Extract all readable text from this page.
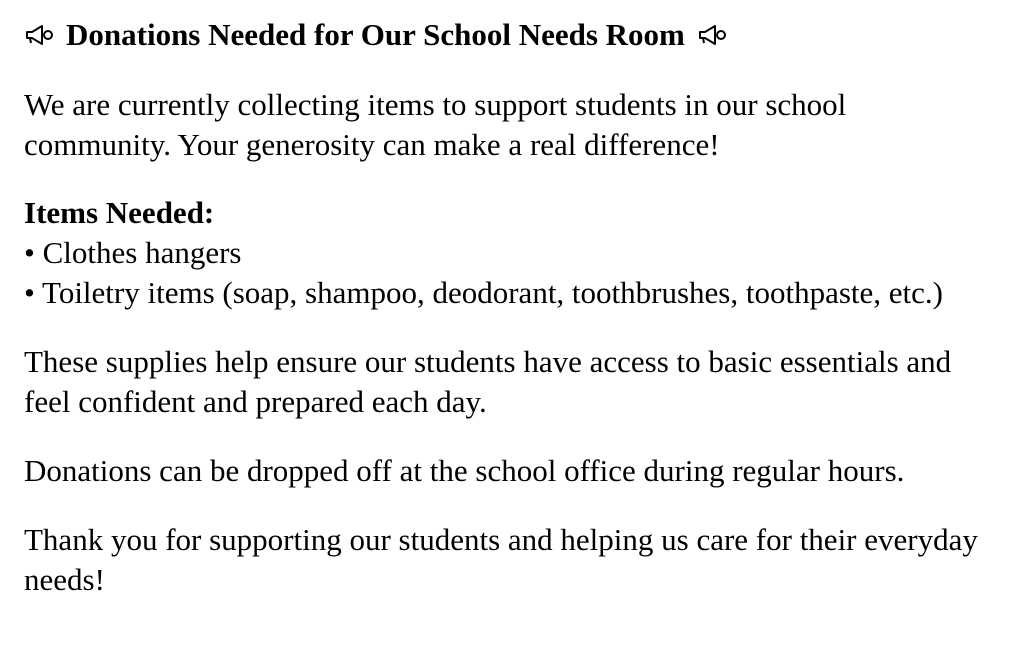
Donations Needed for Our School Needs Room

We are currently collecting items to support students in our school community. Your generosity can make a real difference!

Items Needed:
• Clothes hangers
• Toiletry items (soap, shampoo, deodorant, toothbrushes, toothpaste, etc.)

These supplies help ensure our students have access to basic essentials and feel confident and prepared each day.

Donations can be dropped off at the school office during regular hours.

Thank you for supporting our students and helping us care for their everyday needs!
